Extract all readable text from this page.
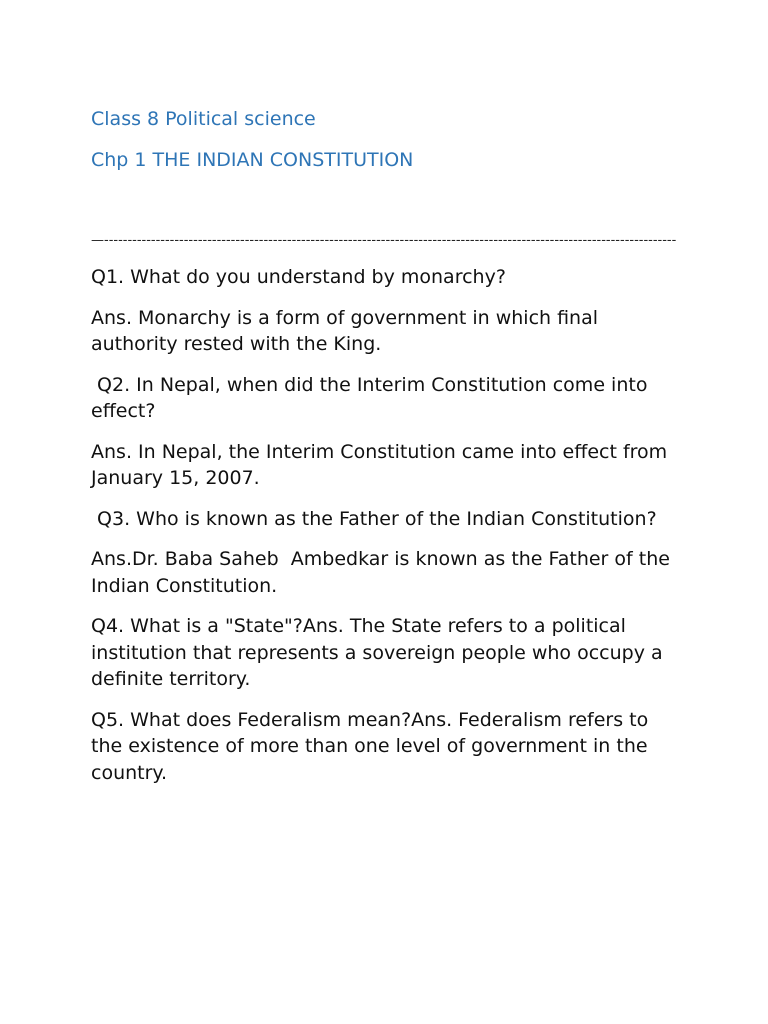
Class 8 Political science

Chp 1 THE INDIAN CONSTITUTION

—--------------------------------------------------------------------------------------------------------------------------

Q1. What do you understand by monarchy?

Ans. Monarchy is a form of government in which final authority rested with the King.

Q2. In Nepal, when did the Interim Constitution come into effect?

Ans. In Nepal, the Interim Constitution came into effect from January 15, 2007.

Q3. Who is known as the Father of the Indian Constitution?

Ans.Dr. Baba Saheb  Ambedkar is known as the Father of the Indian Constitution.

Q4. What is a "State"?Ans. The State refers to a political institution that represents a sovereign people who occupy a definite territory.

Q5. What does Federalism mean?Ans. Federalism refers to the existence of more than one level of government in the country.
